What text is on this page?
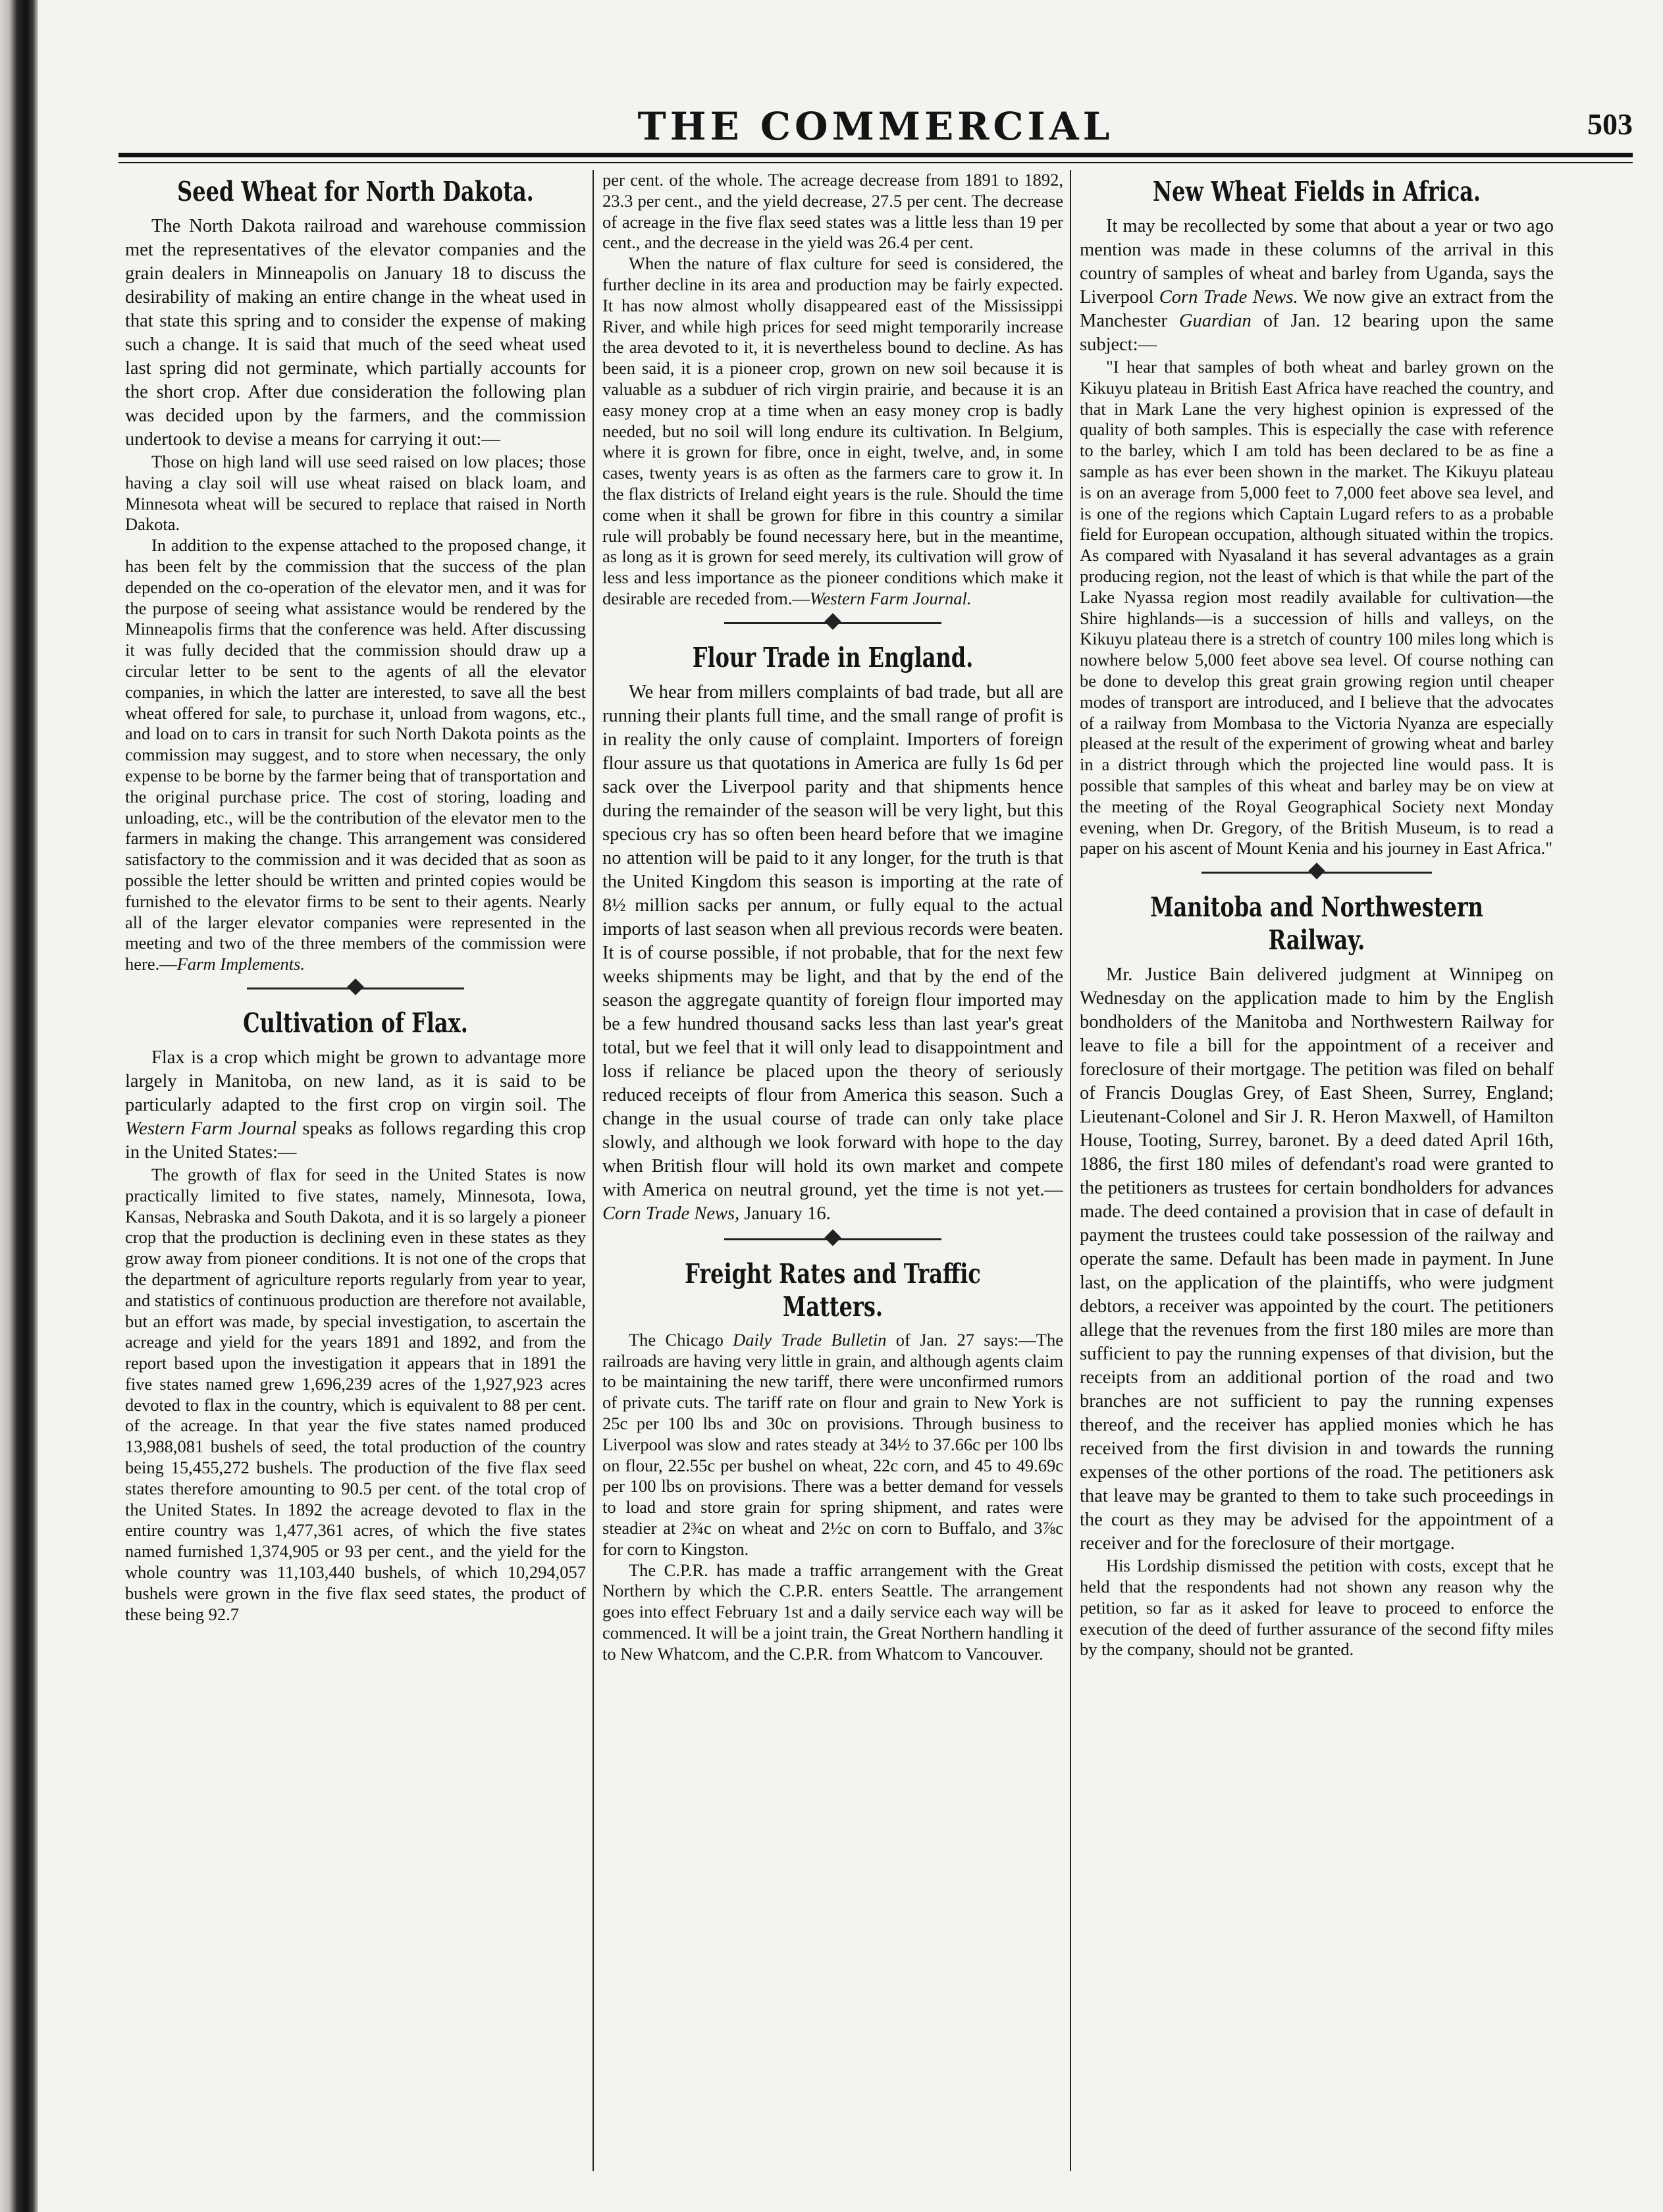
THE COMMERCIAL	503
Seed Wheat for North Dakota.

The North Dakota railroad and warehouse commission met the representatives of the elevator companies and the grain dealers in Minneapolis on January 18 to discuss the desirability of making an entire change in the wheat used in that state this spring and to consider the expense of making such a change. It is said that much of the seed wheat used last spring did not germinate, which partially accounts for the short crop. After due consideration the following plan was decided upon by the farmers, and the commission undertook to devise a means for carrying it out:—

Those on high land will use seed raised on low places; those having a clay soil will use wheat raised on black loam, and Minnesota wheat will be secured to replace that raised in North Dakota.

In addition to the expense attached to the proposed change, it has been felt by the commission that the success of the plan depended on the co-operation of the elevator men, and it was for the purpose of seeing what assistance would be rendered by the Minneapolis firms that the conference was held. After discussing it was fully decided that the commission should draw up a circular letter to be sent to the agents of all the elevator companies, in which the latter are interested, to save all the best wheat offered for sale, to purchase it, unload from wagons, etc., and load on to cars in transit for such North Dakota points as the commission may suggest, and to store when necessary, the only expense to be borne by the farmer being that of transportation and the original purchase price. The cost of storing, loading and unloading, etc., will be the contribution of the elevator men to the farmers in making the change. This arrangement was considered satisfactory to the commission and it was decided that as soon as possible the letter should be written and printed copies would be furnished to the elevator firms to be sent to their agents. Nearly all of the larger elevator companies were represented in the meeting and two of the three members of the commission were here.—Farm Implements.

Cultivation of Flax.

Flax is a crop which might be grown to advantage more largely in Manitoba, on new land, as it is said to be particularly adapted to the first crop on virgin soil. The Western Farm Journal speaks as follows regarding this crop in the United States:—

The growth of flax for seed in the United States is now practically limited to five states, namely, Minnesota, Iowa, Kansas, Nebraska and South Dakota, and it is so largely a pioneer crop that the production is declining even in these states as they grow away from pioneer conditions. It is not one of the crops that the department of agriculture reports regularly from year to year, and statistics of continuous production are therefore not available, but an effort was made, by special investigation, to ascertain the acreage and yield for the years 1891 and 1892, and from the report based upon the investigation it appears that in 1891 the five states named grew 1,696,239 acres of the 1,927,923 acres devoted to flax in the country, which is equivalent to 88 per cent. of the acreage. In that year the five states named produced 13,988,081 bushels of seed, the total production of the country being 15,455,272 bushels. The production of the five flax seed states therefore amounting to 90.5 per cent. of the total crop of the United States. In 1892 the acreage devoted to flax in the entire country was 1,477,361 acres, of which the five states named furnished 1,374,905 or 93 per cent., and the yield for the whole country was 11,103,440 bushels, of which 10,294,057 bushels were grown in the five flax seed states, the product of these being 92.7

per cent. of the whole. The acreage decrease from 1891 to 1892, 23.3 per cent., and the yield decrease, 27.5 per cent. The decrease of acreage in the five flax seed states was a little less than 19 per cent., and the decrease in the yield was 26.4 per cent.

When the nature of flax culture for seed is considered, the further decline in its area and production may be fairly expected. It has now almost wholly disappeared east of the Mississippi River, and while high prices for seed might temporarily increase the area devoted to it, it is nevertheless bound to decline. As has been said, it is a pioneer crop, grown on new soil because it is valuable as a subduer of rich virgin prairie, and because it is an easy money crop at a time when an easy money crop is badly needed, but no soil will long endure its cultivation. In Belgium, where it is grown for fibre, once in eight, twelve, and, in some cases, twenty years is as often as the farmers care to grow it. In the flax districts of Ireland eight years is the rule. Should the time come when it shall be grown for fibre in this country a similar rule will probably be found necessary here, but in the meantime, as long as it is grown for seed merely, its cultivation will grow of less and less importance as the pioneer conditions which make it desirable are receded from.—Western Farm Journal.

Flour Trade in England.

We hear from millers complaints of bad trade, but all are running their plants full time, and the small range of profit is in reality the only cause of complaint. Importers of foreign flour assure us that quotations in America are fully 1s 6d per sack over the Liverpool parity and that shipments hence during the remainder of the season will be very light, but this specious cry has so often been heard before that we imagine no attention will be paid to it any longer, for the truth is that the United Kingdom this season is importing at the rate of 8½ million sacks per annum, or fully equal to the actual imports of last season when all previous records were beaten. It is of course possible, if not probable, that for the next few weeks shipments may be light, and that by the end of the season the aggregate quantity of foreign flour imported may be a few hundred thousand sacks less than last year's great total, but we feel that it will only lead to disappointment and loss if reliance be placed upon the theory of seriously reduced receipts of flour from America this season. Such a change in the usual course of trade can only take place slowly, and although we look forward with hope to the day when British flour will hold its own market and compete with America on neutral ground, yet the time is not yet.—Corn Trade News, January 16.

Freight Rates and Traffic Matters.

The Chicago Daily Trade Bulletin of Jan. 27 says:—The railroads are having very little in grain, and although agents claim to be maintaining the new tariff, there were unconfirmed rumors of private cuts. The tariff rate on flour and grain to New York is 25c per 100 lbs and 30c on provisions. Through business to Liverpool was slow and rates steady at 34½ to 37.66c per 100 lbs on flour, 22.55c per bushel on wheat, 22c corn, and 45 to 49.69c per 100 lbs on provisions. There was a better demand for vessels to load and store grain for spring shipment, and rates were steadier at 2¾c on wheat and 2½c on corn to Buffalo, and 3⅞c for corn to Kingston.

The C.P.R. has made a traffic arrangement with the Great Northern by which the C.P.R. enters Seattle. The arrangement goes into effect February 1st and a daily service each way will be commenced. It will be a joint train, the Great Northern handling it to New Whatcom, and the C.P.R. from Whatcom to Vancouver.

New Wheat Fields in Africa.

It may be recollected by some that about a year or two ago mention was made in these columns of the arrival in this country of samples of wheat and barley from Uganda, says the Liverpool Corn Trade News. We now give an extract from the Manchester Guardian of Jan. 12 bearing upon the same subject:—

"I hear that samples of both wheat and barley grown on the Kikuyu plateau in British East Africa have reached the country, and that in Mark Lane the very highest opinion is expressed of the quality of both samples. This is especially the case with reference to the barley, which I am told has been declared to be as fine a sample as has ever been shown in the market. The Kikuyu plateau is on an average from 5,000 feet to 7,000 feet above sea level, and is one of the regions which Captain Lugard refers to as a probable field for European occupation, although situated within the tropics. As compared with Nyasaland it has several advantages as a grain producing region, not the least of which is that while the part of the Lake Nyassa region most readily available for cultivation—the Shire highlands—is a succession of hills and valleys, on the Kikuyu plateau there is a stretch of country 100 miles long which is nowhere below 5,000 feet above sea level. Of course nothing can be done to develop this great grain growing region until cheaper modes of transport are introduced, and I believe that the advocates of a railway from Mombasa to the Victoria Nyanza are especially pleased at the result of the experiment of growing wheat and barley in a district through which the projected line would pass. It is possible that samples of this wheat and barley may be on view at the meeting of the Royal Geographical Society next Monday evening, when Dr. Gregory, of the British Museum, is to read a paper on his ascent of Mount Kenia and his journey in East Africa."

Manitoba and Northwestern Railway.

Mr. Justice Bain delivered judgment at Winnipeg on Wednesday on the application made to him by the English bondholders of the Manitoba and Northwestern Railway for leave to file a bill for the appointment of a receiver and foreclosure of their mortgage. The petition was filed on behalf of Francis Douglas Grey, of East Sheen, Surrey, England; Lieutenant-Colonel and Sir J. R. Heron Maxwell, of Hamilton House, Tooting, Surrey, baronet. By a deed dated April 16th, 1886, the first 180 miles of defendant's road were granted to the petitioners as trustees for certain bondholders for advances made. The deed contained a provision that in case of default in payment the trustees could take possession of the railway and operate the same. Default has been made in payment. In June last, on the application of the plaintiffs, who were judgment debtors, a receiver was appointed by the court. The petitioners allege that the revenues from the first 180 miles are more than sufficient to pay the running expenses of that division, but the receipts from an additional portion of the road and two branches are not sufficient to pay the running expenses thereof, and the receiver has applied monies which he has received from the first division in and towards the running expenses of the other portions of the road. The petitioners ask that leave may be granted to them to take such proceedings in the court as they may be advised for the appointment of a receiver and for the foreclosure of their mortgage.

His Lordship dismissed the petition with costs, except that he held that the respondents had not shown any reason why the petition, so far as it asked for leave to proceed to enforce the execution of the deed of further assurance of the second fifty miles by the company, should not be granted.
